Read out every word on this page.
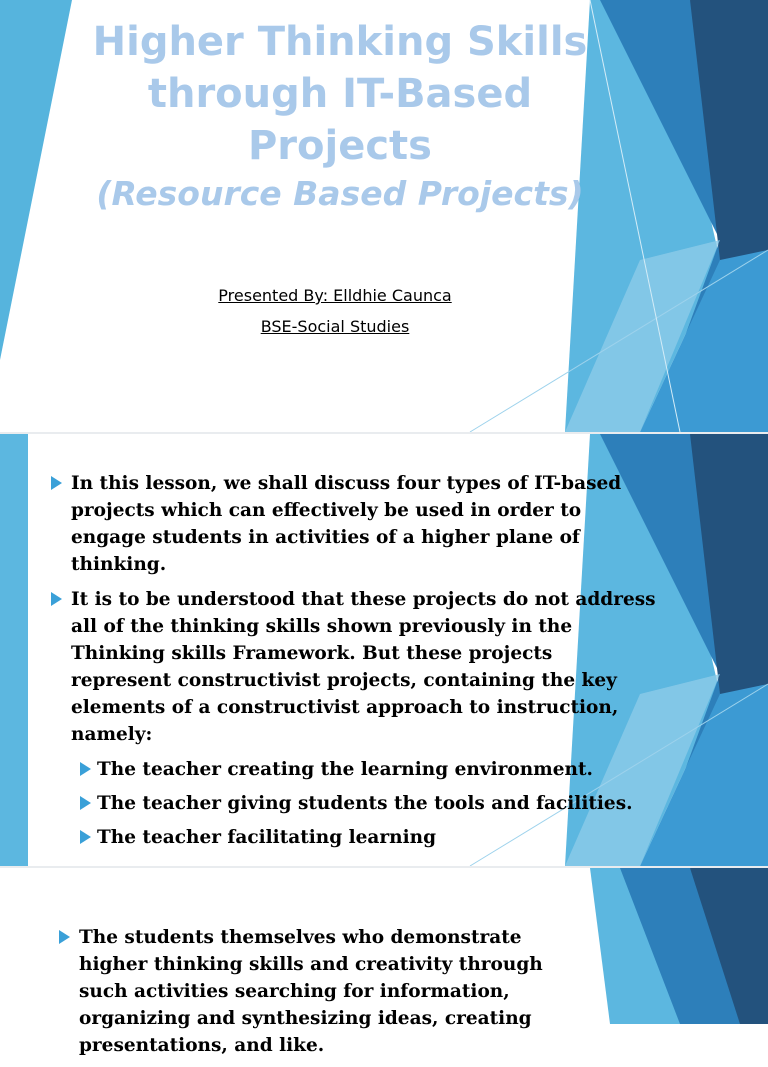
Higher Thinking Skills through IT-Based Projects
(Resource Based Projects)
Presented By: Elldhie Caunca
BSE-Social Studies
In this lesson, we shall discuss four types of IT-based projects which can effectively be used in order to engage students in activities of a higher plane of thinking.
It is to be understood that these projects do not address all of the thinking skills shown previously in the Thinking skills Framework. But these projects represent constructivist projects, containing the key elements of a constructivist approach to instruction, namely:
The teacher creating the learning environment.
The teacher giving students the tools and facilities.
The teacher facilitating learning
The students themselves who demonstrate higher thinking skills and creativity through such activities searching for information, organizing and synthesizing ideas, creating presentations, and like.
